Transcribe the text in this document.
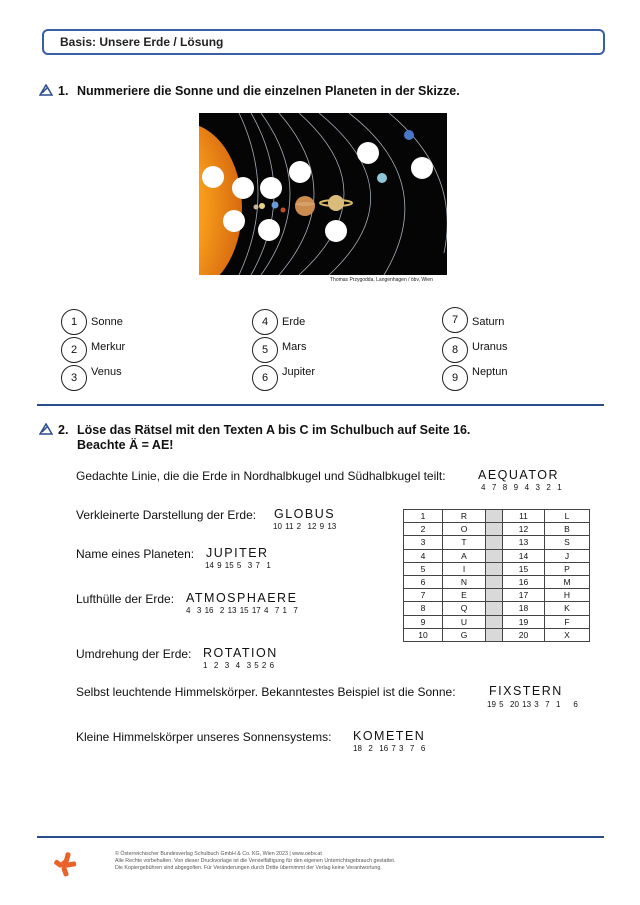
Basis: Unsere Erde / Lösung
1. Nummeriere die Sonne und die einzelnen Planeten in der Skizze.
Thomas Przygodda, Langenhagen / öbv, Wien
1	Sonne
2	Merkur
3	Venus
4	Erde
5	Mars
6	Jupiter
7	Saturn
8	Uranus
9	Neptun
2. Löse das Rätsel mit den Texten A bis C im Schulbuch auf Seite 16.
Beachte Ä = AE!
Gedachte Linie, die die Erde in Nordhalbkugel und Südhalbkugel teilt:	AEQUATOR
4  7  8  9  4  3  2  1
Verkleinerte Darstellung der Erde: GLOBUS
10 11 2  12 9 13
Name eines Planeten: JUPITER
14 9 15 5  3 7  1
Lufthülle der Erde: ATMOSPHAERE
4  3 16  2 13 15 17 4  7 1  7
Umdrehung der Erde: ROTATION
1  2  3  4  3 5 2 6
Selbst leuchtende Himmelskörper. Bekanntestes Beispiel ist die Sonne:	FIXSTERN
19 5  20 13 3  7  1    6
Kleine Himmelskörper unseres Sonnensystems: KOMETEN
18  2  16 7 3  7  6
1	R		11	L
2	O		12	B
3	T		13	S
4	A		14	J
5	I		15	P
6	N		16	M
7	E		17	H
8	Q		18	K
9	U		19	F
10	G		20	X
© Österreichischer Bundesverlag Schulbuch GmbH & Co. KG, Wien 2023 | www.oebv.at
Alle Rechte vorbehalten. Von dieser Druckvorlage ist die Vervielfältigung für den eigenen Unterrichtsgebrauch gestattet.
Die Kopiergebühren sind abgegolten. Für Veränderungen durch Dritte übernimmt der Verlag keine Verantwortung.
